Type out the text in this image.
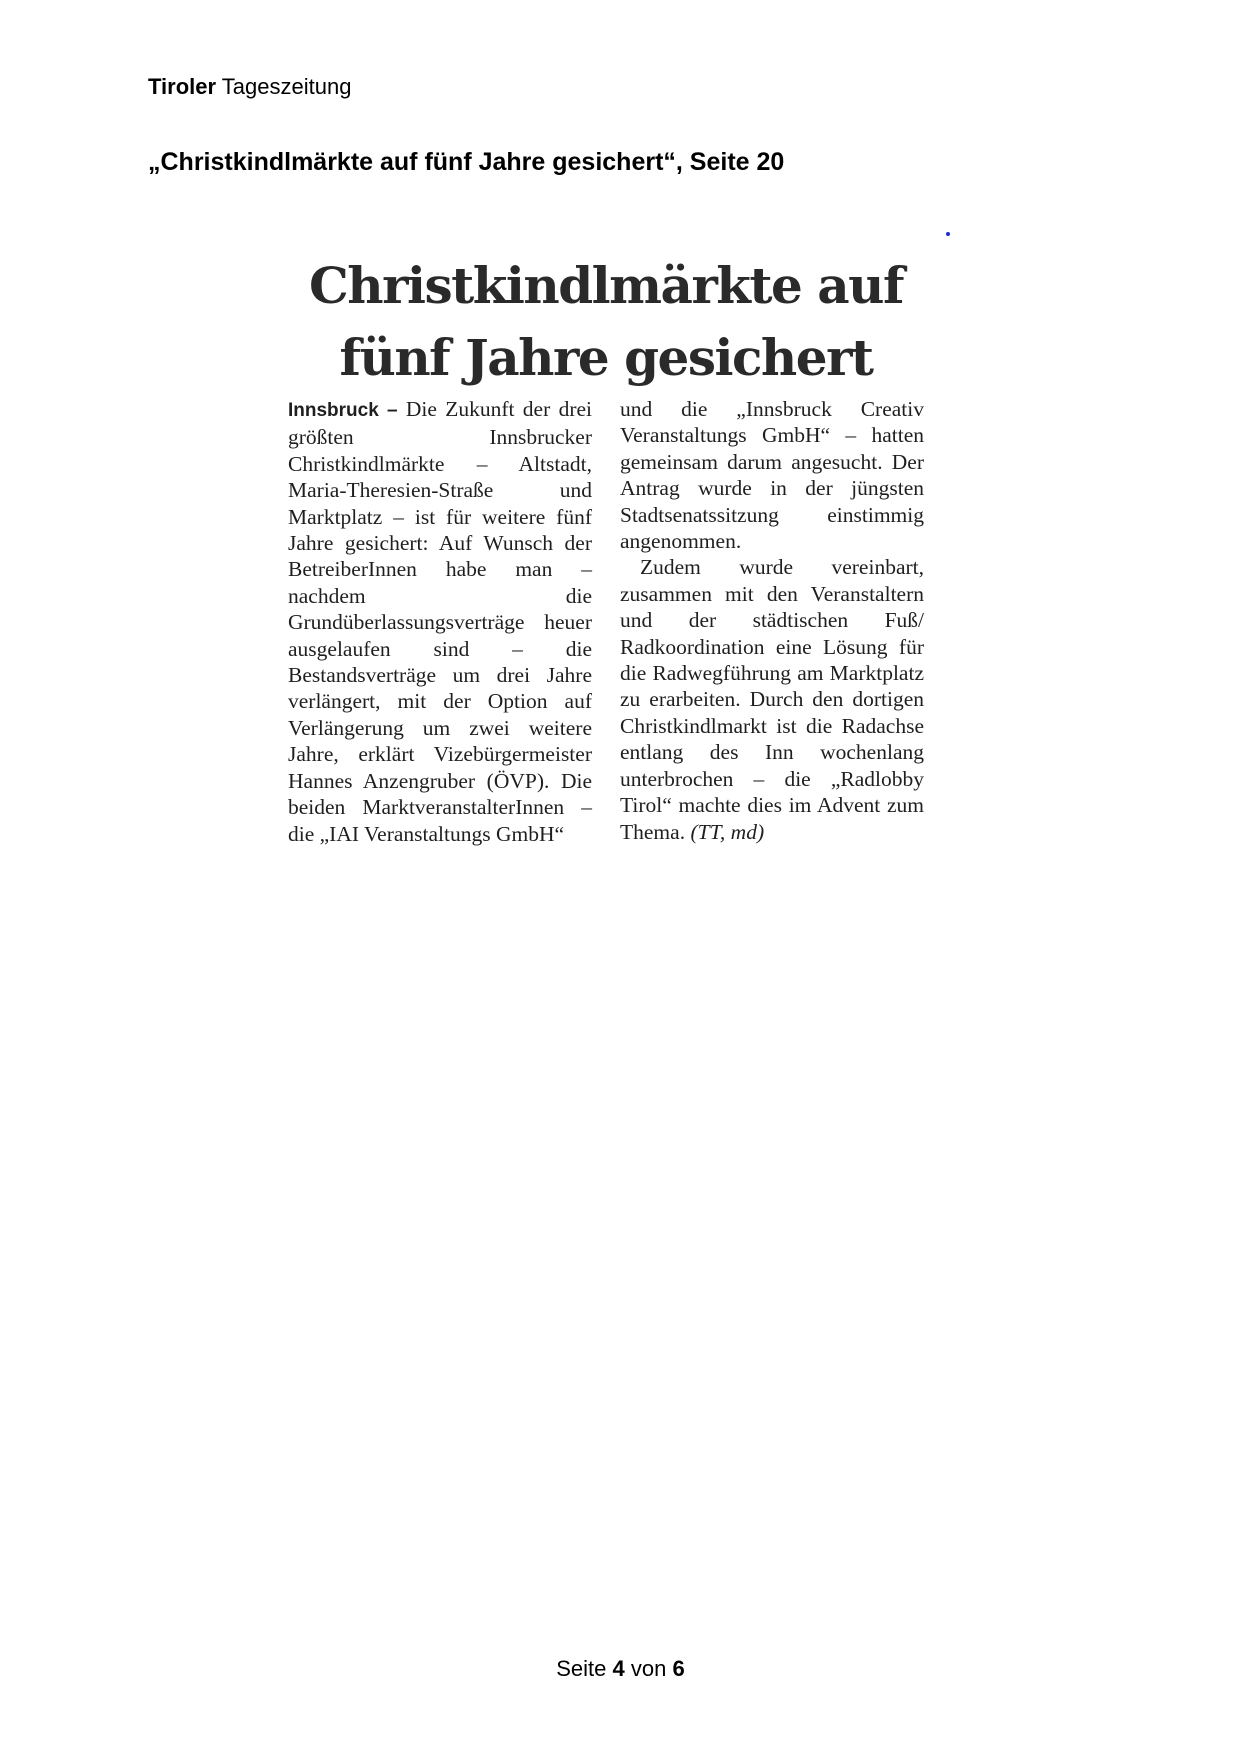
Tiroler Tageszeitung
„Christkindlmärkte auf fünf Jahre gesichert“, Seite 20
Christkindlmärkte auf
fünf Jahre gesichert

Innsbruck – Die Zukunft der drei größten Innsbrucker Christkindlmärkte – Altstadt, Maria-Theresien-Straße und Marktplatz – ist für weitere fünf Jahre gesichert: Auf Wunsch der BetreiberInnen habe man – nachdem die Grundüberlassungsverträge heuer ausgelaufen sind – die Bestandsverträge um drei Jahre verlängert, mit der Option auf Verlängerung um zwei weitere Jahre, erklärt Vizebürgermeister Hannes Anzengruber (ÖVP). Die beiden MarktveranstalterInnen – die „IAI Veranstaltungs GmbH“

und die „Innsbruck Creativ Veranstaltungs GmbH“ – hatten gemeinsam darum angesucht. Der Antrag wurde in der jüngsten Stadtsenatssitzung einstimmig angenommen.

Zudem wurde vereinbart, zusammen mit den Veranstaltern und der städtischen Fuß/ Radkoordination eine Lösung für die Radwegführung am Marktplatz zu erarbeiten. Durch den dortigen Christkindlmarkt ist die Radachse entlang des Inn wochenlang unterbrochen – die „Radlobby Tirol“ machte dies im Advent zum Thema. (TT, md)

Seite 4 von 6
